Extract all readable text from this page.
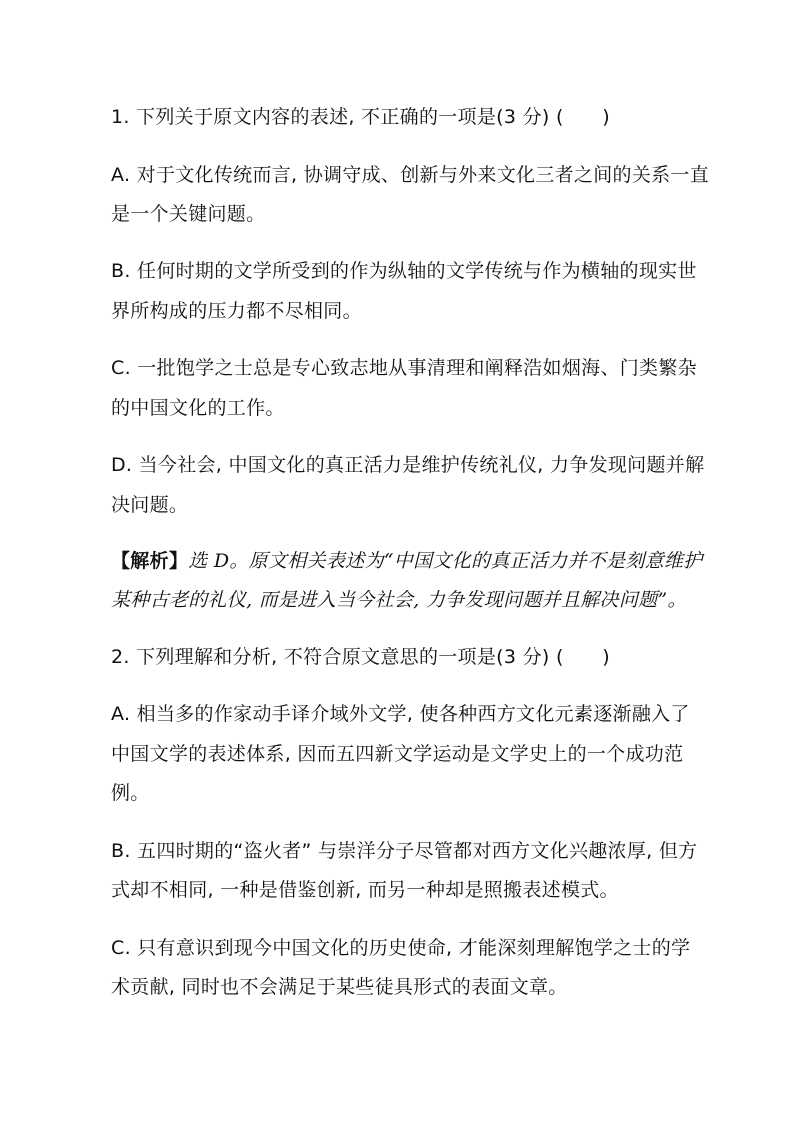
1. 下列关于原文内容的表述, 不正确的一项是(3 分) (　　)
A. 对于文化传统而言, 协调守成、创新与外来文化三者之间的关系一直
是一个关键问题。
B. 任何时期的文学所受到的作为纵轴的文学传统与作为横轴的现实世
界所构成的压力都不尽相同。
C. 一批饱学之士总是专心致志地从事清理和阐释浩如烟海、门类繁杂
的中国文化的工作。
D. 当今社会, 中国文化的真正活力是维护传统礼仪, 力争发现问题并解
决问题。
【解析】选 D。原文相关表述为“中国文化的真正活力并不是刻意维护
某种古老的礼仪, 而是进入当今社会, 力争发现问题并且解决问题”。
2. 下列理解和分析, 不符合原文意思的一项是(3 分) (　　)
A. 相当多的作家动手译介域外文学, 使各种西方文化元素逐渐融入了
中国文学的表述体系, 因而五四新文学运动是文学史上的一个成功范
例。
B. 五四时期的“盗火者” 与崇洋分子尽管都对西方文化兴趣浓厚, 但方
式却不相同, 一种是借鉴创新, 而另一种却是照搬表述模式。
C. 只有意识到现今中国文化的历史使命, 才能深刻理解饱学之士的学
术贡献, 同时也不会满足于某些徒具形式的表面文章。
